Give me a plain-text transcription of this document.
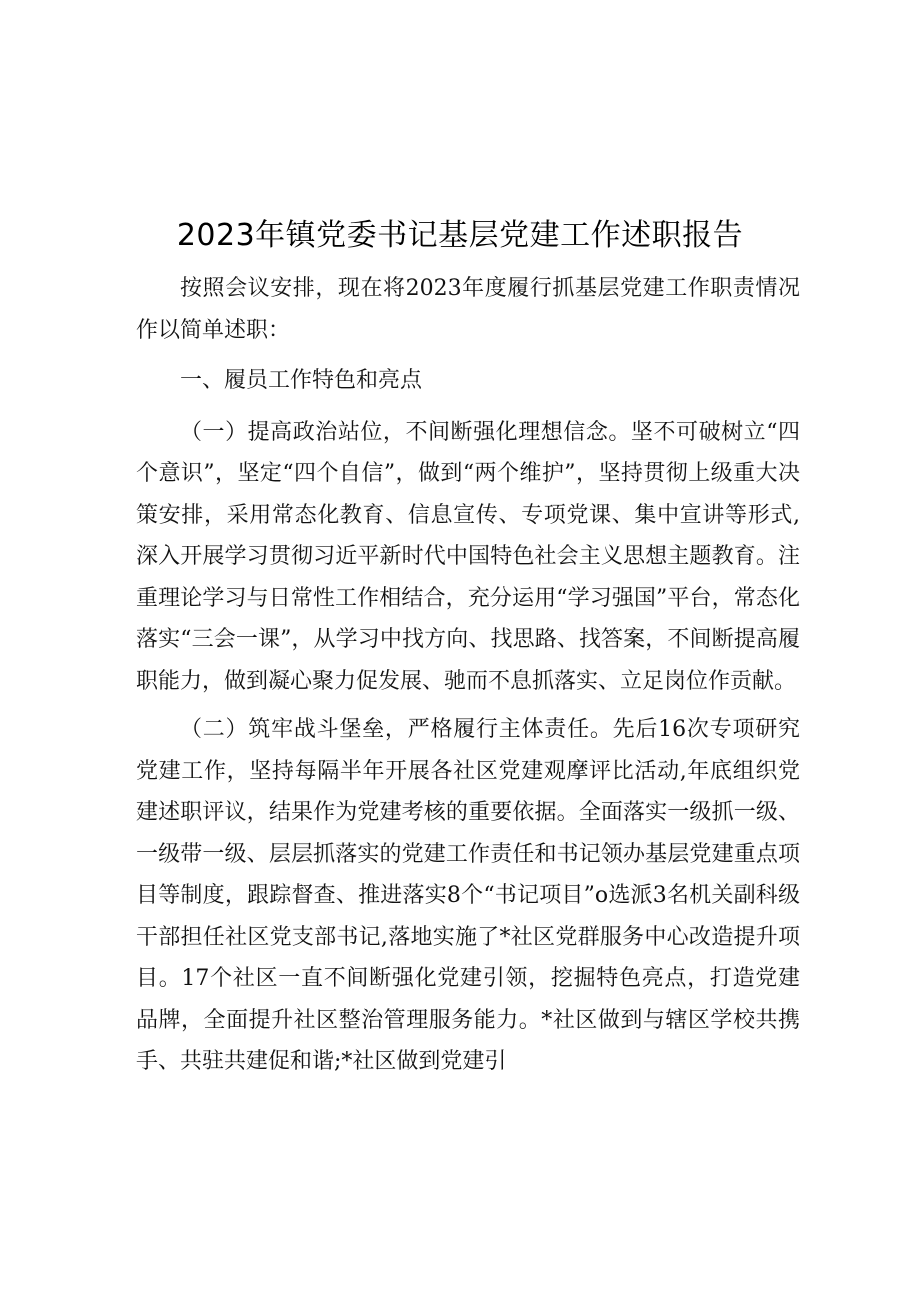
2023年镇党委书记基层党建工作述职报告

按照会议安排，现在将2023年度履行抓基层党建工作职责情况作以简单述职：

一、履员工作特色和亮点

（一）提高政治站位，不间断强化理想信念。坚不可破树立“四个意识”，坚定“四个自信”，做到“两个维护”，坚持贯彻上级重大决策安排，采用常态化教育、信息宣传、专项党课、集中宣讲等形式,深入开展学习贯彻习近平新时代中国特色社会主义思想主题教育。注重理论学习与日常性工作相结合，充分运用“学习强国”平台，常态化落实“三会一课”，从学习中找方向、找思路、找答案，不间断提高履职能力，做到凝心聚力促发展、驰而不息抓落实、立足岗位作贡献。

（二）筑牢战斗堡垒，严格履行主体责任。先后16次专项研究党建工作，坚持每隔半年开展各社区党建观摩评比活动,年底组织党建述职评议，结果作为党建考核的重要依据。全面落实一级抓一级、一级带一级、层层抓落实的党建工作责任和书记领办基层党建重点项目等制度，跟踪督查、推进落实8个“书记项目”o选派3名机关副科级干部担任社区党支部书记,落地实施了*社区党群服务中心改造提升项目。17个社区一直不间断强化党建引领，挖掘特色亮点，打造党建品牌，全面提升社区整治管理服务能力。*社区做到与辖区学校共携手、共驻共建促和谐;*社区做到党建引
